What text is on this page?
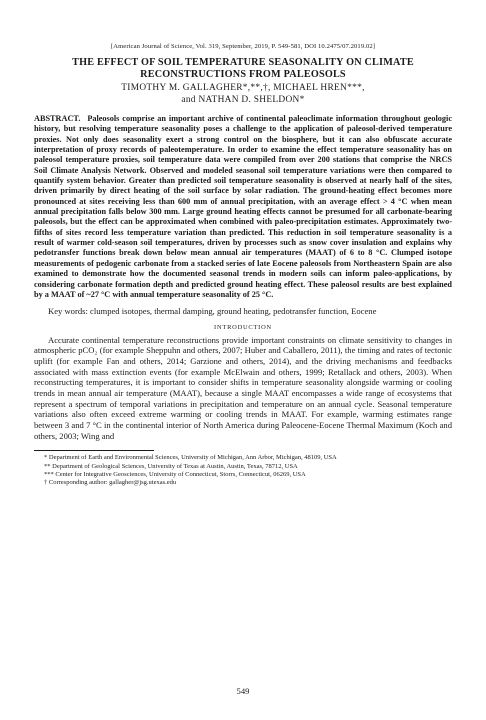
[American Journal of Science, Vol. 319, September, 2019, P. 549-581, DOI 10.2475/07.2019.02]
THE EFFECT OF SOIL TEMPERATURE SEASONALITY ON CLIMATE
RECONSTRUCTIONS FROM PALEOSOLS
TIMOTHY M. GALLAGHER*,**,†, MICHAEL HREN***,
and NATHAN D. SHELDON*
ABSTRACT. Paleosols comprise an important archive of continental paleoclimate information throughout geologic history, but resolving temperature seasonality poses a challenge to the application of paleosol-derived temperature proxies. Not only does seasonality exert a strong control on the biosphere, but it can also obfuscate accurate interpretation of proxy records of paleotemperature. In order to examine the effect temperature seasonality has on paleosol temperature proxies, soil temperature data were compiled from over 200 stations that comprise the NRCS Soil Climate Analysis Network. Observed and modeled seasonal soil temperature variations were then compared to quantify system behavior. Greater than predicted soil temperature seasonality is observed at nearly half of the sites, driven primarily by direct heating of the soil surface by solar radiation. The ground-heating effect becomes more pronounced at sites receiving less than 600 mm of annual precipitation, with an average effect > 4 °C when mean annual precipitation falls below 300 mm. Large ground heating effects cannot be presumed for all carbonate-bearing paleosols, but the effect can be approximated when combined with paleo-precipitation estimates. Approximately two-fifths of sites record less temperature variation than predicted. This reduction in soil temperature seasonality is a result of warmer cold-season soil temperatures, driven by processes such as snow cover insulation and explains why pedotransfer functions break down below mean annual air temperatures (MAAT) of 6 to 8 °C. Clumped isotope measurements of pedogenic carbonate from a stacked series of late Eocene paleosols from Northeastern Spain are also examined to demonstrate how the documented seasonal trends in modern soils can inform paleo-applications, by considering carbonate formation depth and predicted ground heating effect. These paleosol results are best explained by a MAAT of ~27 °C with annual temperature seasonality of 25 °C.
Key words: clumped isotopes, thermal damping, ground heating, pedotransfer function, Eocene
INTRODUCTION
Accurate continental temperature reconstructions provide important constraints on climate sensitivity to changes in atmospheric pCO₂ (for example Sheppuhn and others, 2007; Huber and Caballero, 2011), the timing and rates of tectonic uplift (for example Fan and others, 2014; Garzione and others, 2014), and the driving mechanisms and feedbacks associated with mass extinction events (for example McElwain and others, 1999; Retallack and others, 2003). When reconstructing temperatures, it is important to consider shifts in temperature seasonality alongside warming or cooling trends in mean annual air temperature (MAAT), because a single MAAT encompasses a wide range of ecosystems that represent a spectrum of temporal variations in precipitation and temperature on an annual cycle. Seasonal temperature variations also often exceed extreme warming or cooling trends in MAAT. For example, warming estimates range between 3 and 7 °C in the continental interior of North America during Paleocene-Eocene Thermal Maximum (Koch and others, 2003; Wing and
* Department of Earth and Environmental Sciences, University of Michigan, Ann Arbor, Michigan, 48109, USA
** Department of Geological Sciences, University of Texas at Austin, Austin, Texas, 78712, USA
*** Center for Integrative Geosciences, University of Connecticut, Storrs, Connecticut, 06269, USA
† Corresponding author: gallagher@jsg.utexas.edu
549
